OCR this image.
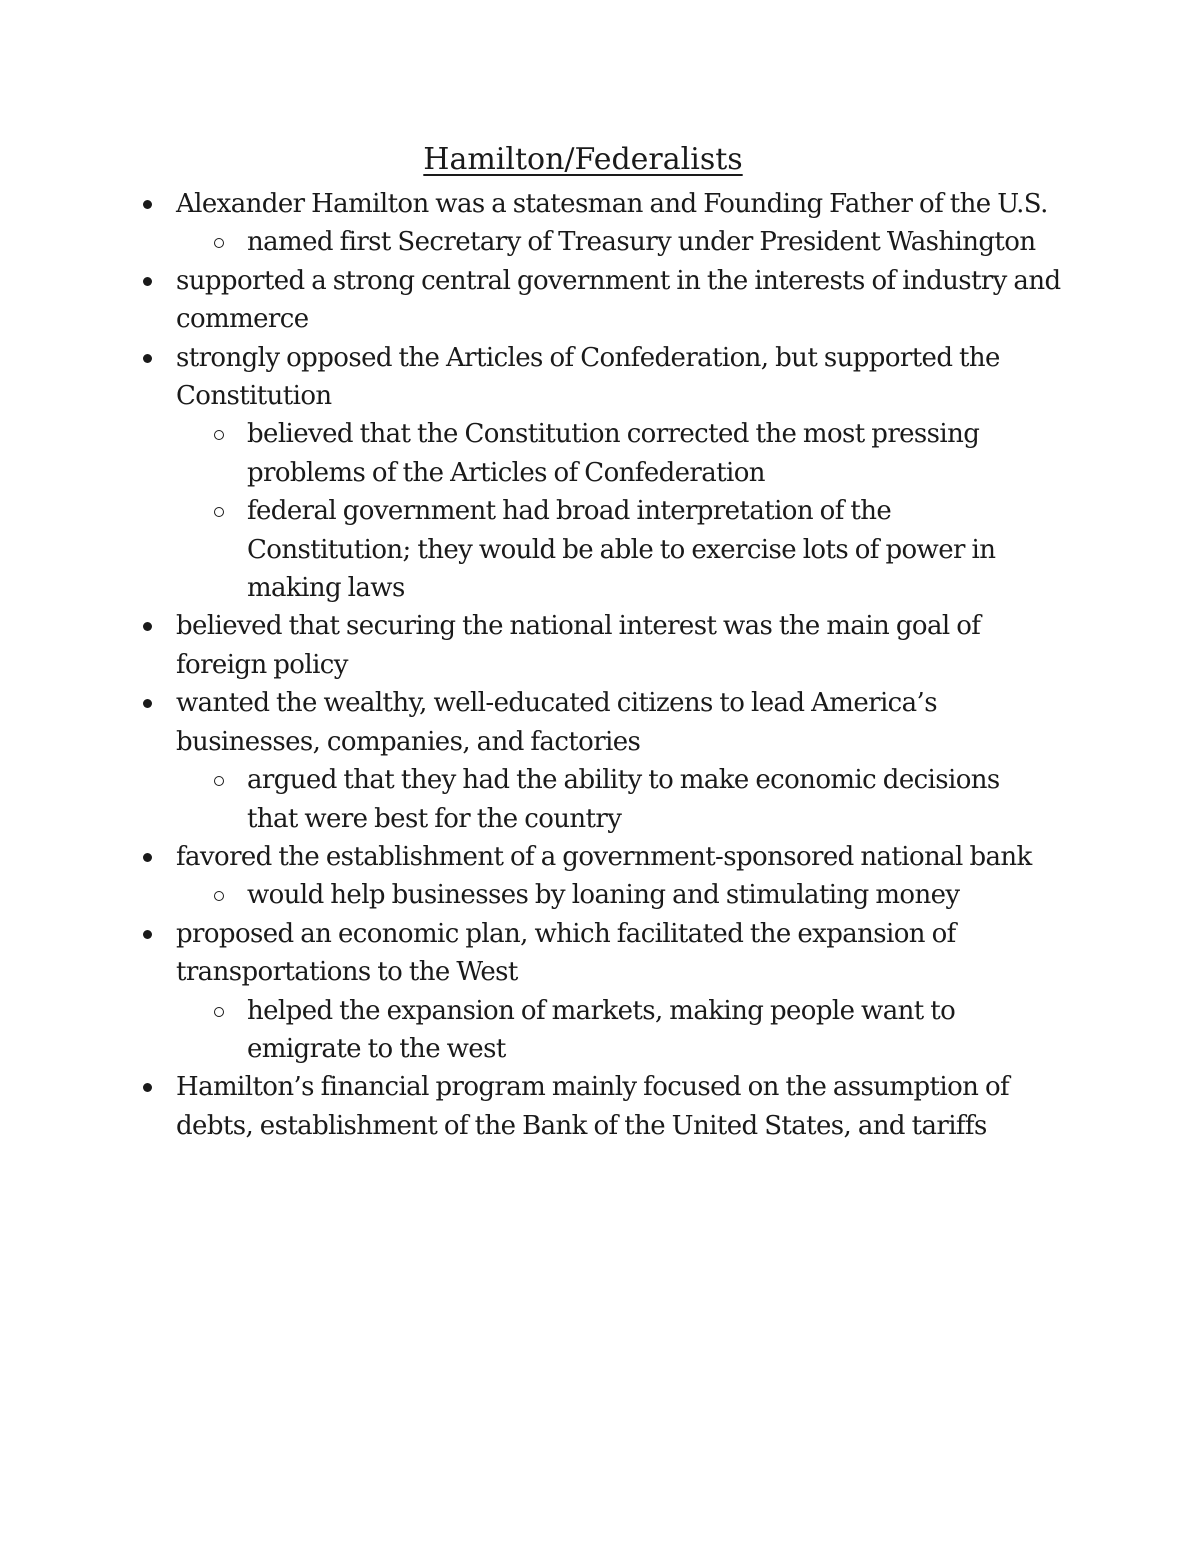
Hamilton/Federalists
Alexander Hamilton was a statesman and Founding Father of the U.S.
named first Secretary of Treasury under President Washington
supported a strong central government in the interests of industry and commerce
strongly opposed the Articles of Confederation, but supported the Constitution
believed that the Constitution corrected the most pressing problems of the Articles of Confederation
federal government had broad interpretation of the Constitution; they would be able to exercise lots of power in making laws
believed that securing the national interest was the main goal of foreign policy
wanted the wealthy, well-educated citizens to lead America’s businesses, companies, and factories
argued that they had the ability to make economic decisions that were best for the country
favored the establishment of a government-sponsored national bank
would help businesses by loaning and stimulating money
proposed an economic plan, which facilitated the expansion of transportations to the West
helped the expansion of markets, making people want to emigrate to the west
Hamilton’s financial program mainly focused on the assumption of debts, establishment of the Bank of the United States, and tariffs
